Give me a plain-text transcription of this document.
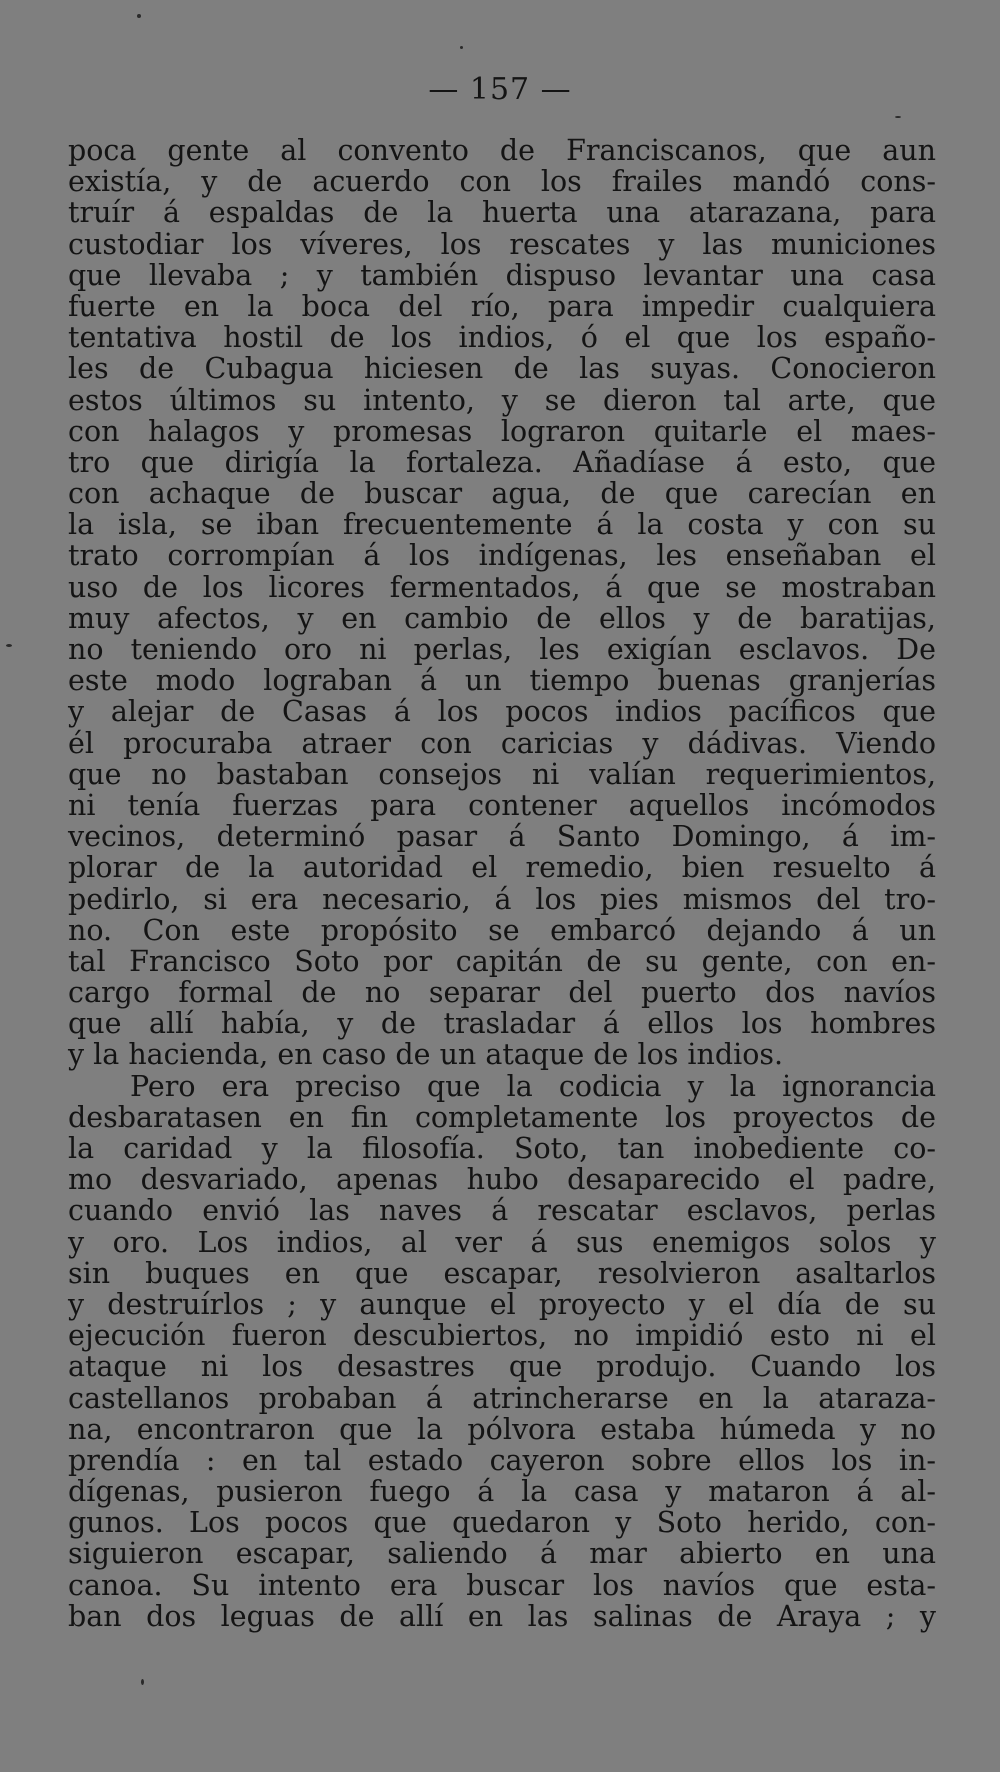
— 157 —
poca gente al convento de Franciscanos, que aun
existía, y de acuerdo con los frailes mandó cons-
truír á espaldas de la huerta una atarazana, para
custodiar los víveres, los rescates y las municiones
que llevaba ; y también dispuso levantar una casa
fuerte en la boca del río, para impedir cualquiera
tentativa hostil de los indios, ó el que los españo-
les de Cubagua hiciesen de las suyas. Conocieron
estos últimos su intento, y se dieron tal arte, que
con halagos y promesas lograron quitarle el maes-
tro que dirigía la fortaleza. Añadíase á esto, que
con achaque de buscar agua, de que carecían en
la isla, se iban frecuentemente á la costa y con su
trato corrompían á los indígenas, les enseñaban el
uso de los licores fermentados, á que se mostraban
muy afectos, y en cambio de ellos y de baratijas,
no teniendo oro ni perlas, les exigían esclavos. De
este modo lograban á un tiempo buenas granjerías
y alejar de Casas á los pocos indios pacíficos que
él procuraba atraer con caricias y dádivas. Viendo
que no bastaban consejos ni valían requerimientos,
ni tenía fuerzas para contener aquellos incómodos
vecinos, determinó pasar á Santo Domingo, á im-
plorar de la autoridad el remedio, bien resuelto á
pedirlo, si era necesario, á los pies mismos del tro-
no. Con este propósito se embarcó dejando á un
tal Francisco Soto por capitán de su gente, con en-
cargo formal de no separar del puerto dos navíos
que allí había, y de trasladar á ellos los hombres
y la hacienda, en caso de un ataque de los indios.
Pero era preciso que la codicia y la ignorancia
desbaratasen en fin completamente los proyectos de
la caridad y la filosofía. Soto, tan inobediente co-
mo desvariado, apenas hubo desaparecido el padre,
cuando envió las naves á rescatar esclavos, perlas
y oro. Los indios, al ver á sus enemigos solos y
sin buques en que escapar, resolvieron asaltarlos
y destruírlos ; y aunque el proyecto y el día de su
ejecución fueron descubiertos, no impidió esto ni el
ataque ni los desastres que produjo. Cuando los
castellanos probaban á atrincherarse en la ataraza-
na, encontraron que la pólvora estaba húmeda y no
prendía : en tal estado cayeron sobre ellos los in-
dígenas, pusieron fuego á la casa y mataron á al-
gunos. Los pocos que quedaron y Soto herido, con-
siguieron escapar, saliendo á mar abierto en una
canoa. Su intento era buscar los navíos que esta-
ban dos leguas de allí en las salinas de Araya ; y
